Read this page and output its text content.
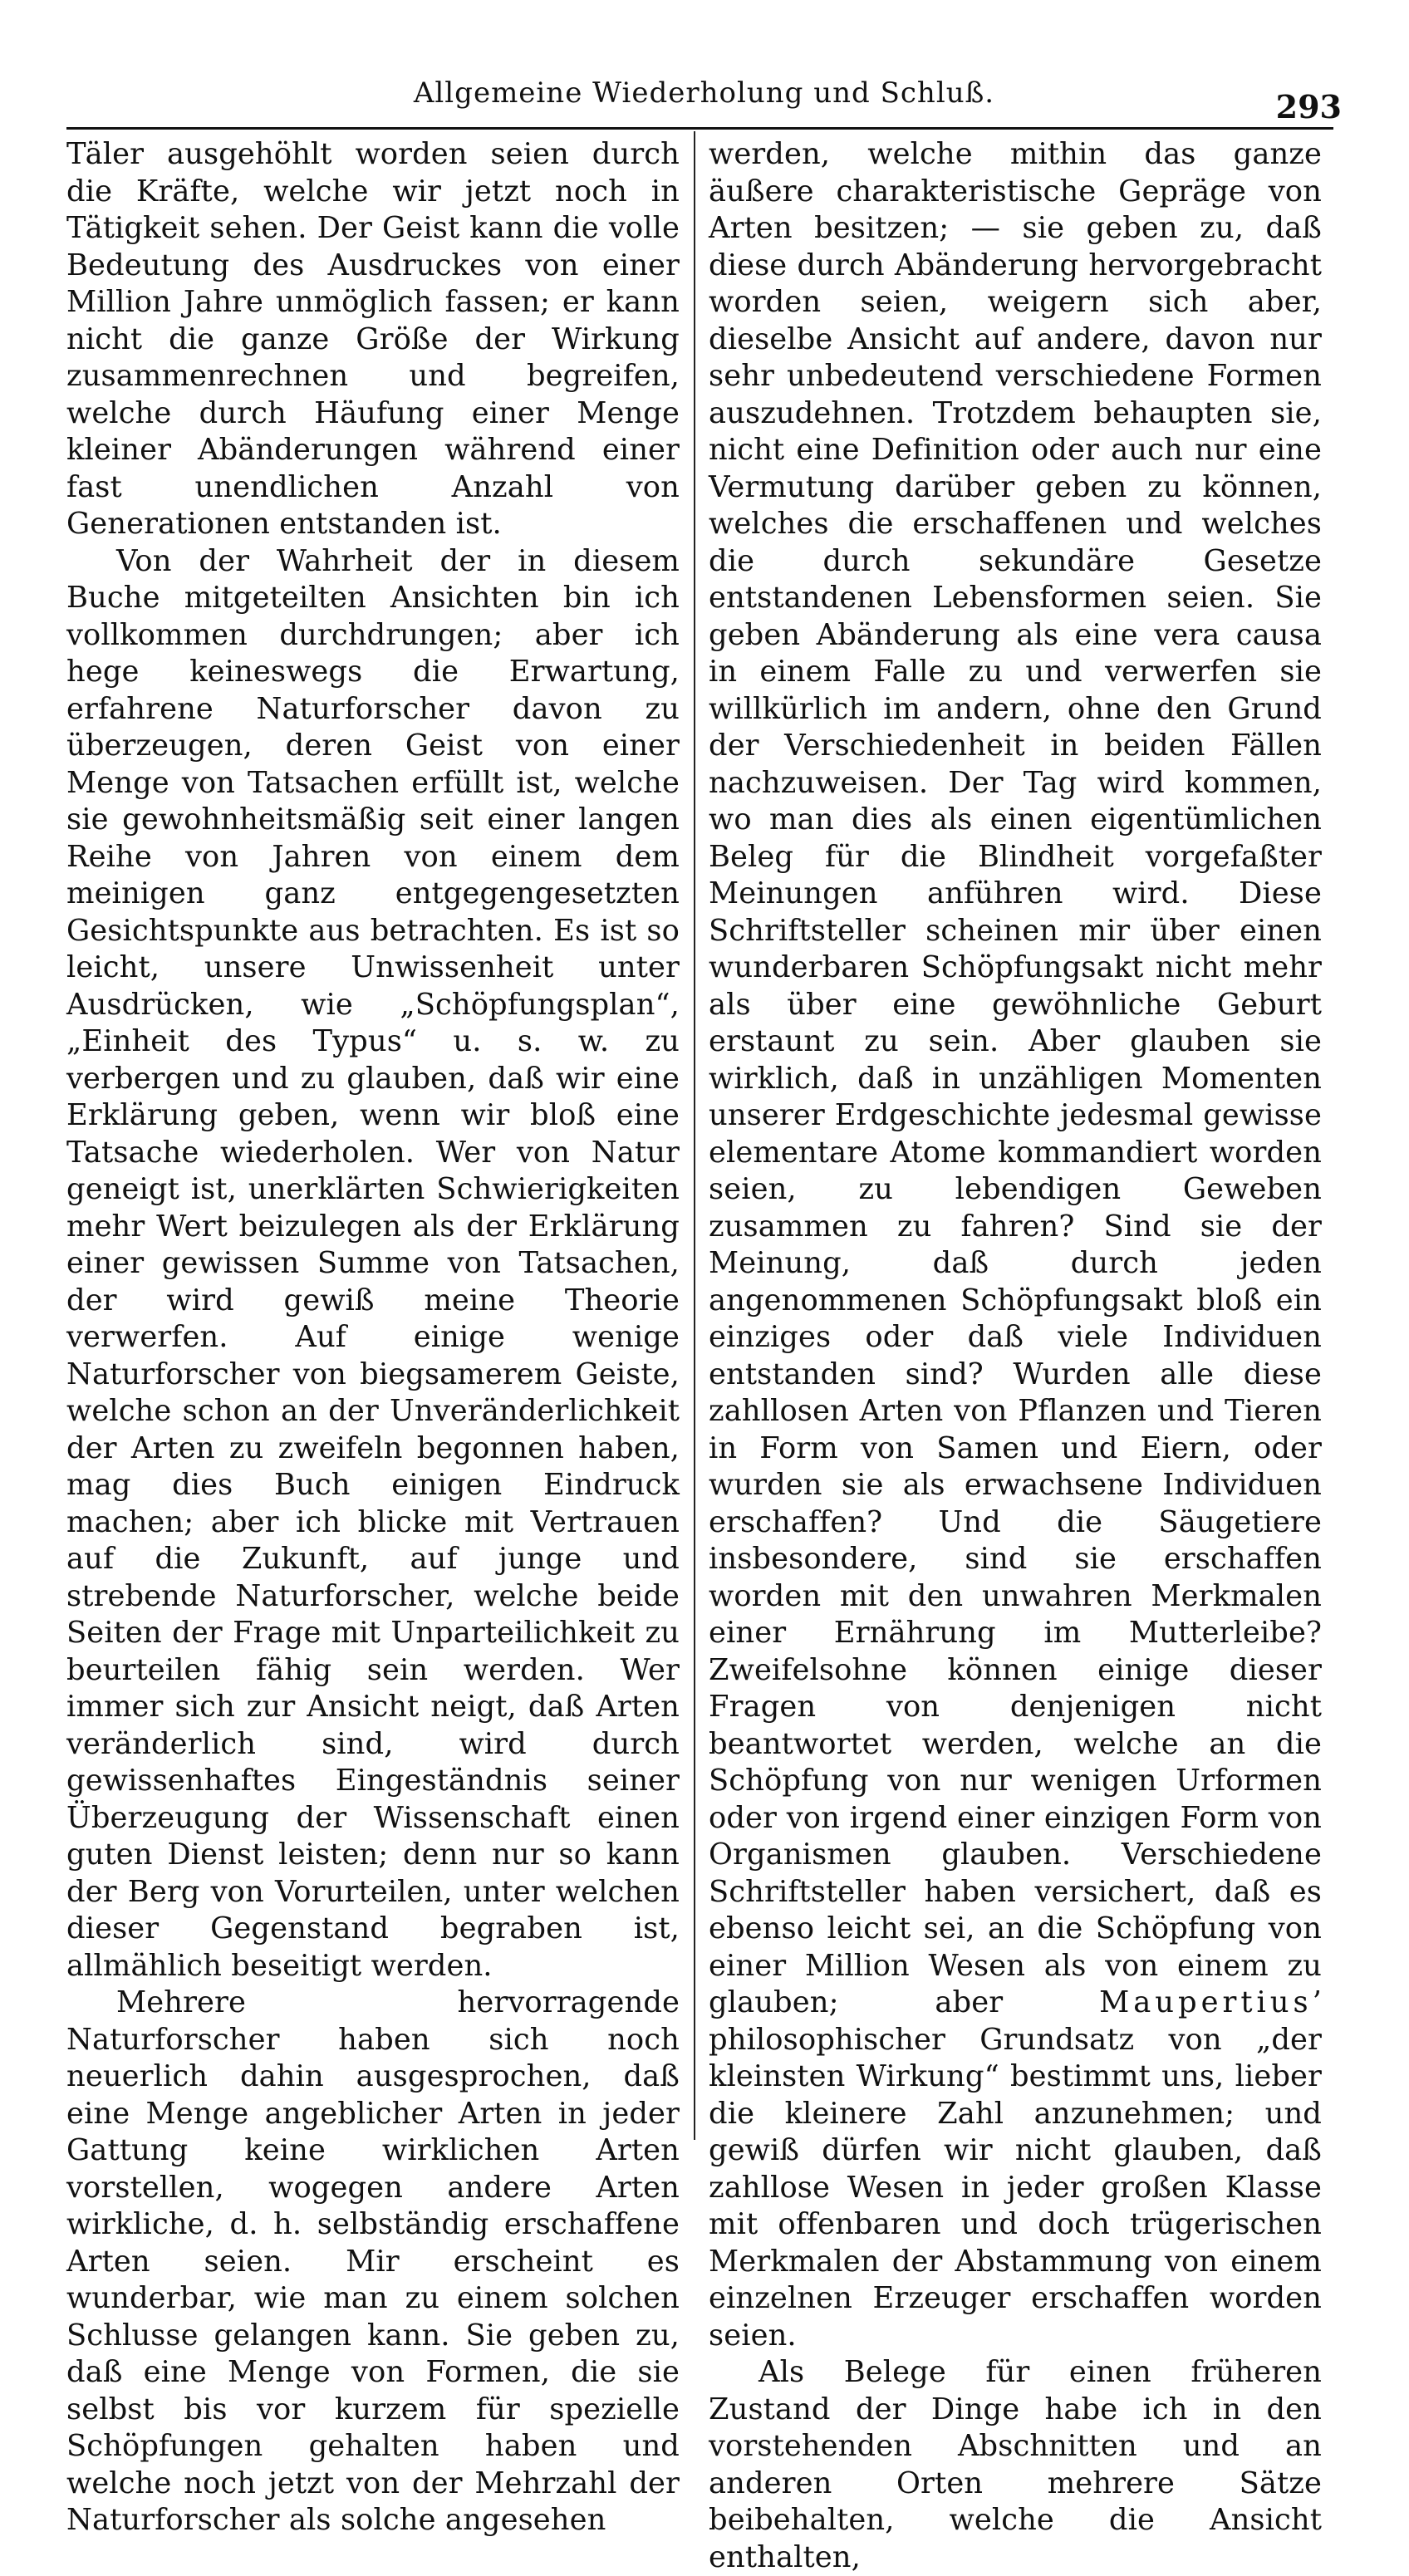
Allgemeine Wiederholung und Schluß.	293

Täler ausgehöhlt worden seien durch die Kräfte, welche wir jetzt noch in Tätigkeit sehen. Der Geist kann die volle Bedeutung des Ausdruckes von einer Million Jahre unmöglich fassen; er kann nicht die ganze Größe der Wirkung zusammenrechnen und begreifen, welche durch Häufung einer Menge kleiner Abänderungen während einer fast unendlichen Anzahl von Generationen entstanden ist.

Von der Wahrheit der in diesem Buche mitgeteilten Ansichten bin ich vollkommen durchdrungen; aber ich hege keineswegs die Erwartung, erfahrene Naturforscher davon zu überzeugen, deren Geist von einer Menge von Tatsachen erfüllt ist, welche sie gewohnheitsmäßig seit einer langen Reihe von Jahren von einem dem meinigen ganz entgegengesetzten Gesichtspunkte aus betrachten. Es ist so leicht, unsere Unwissenheit unter Ausdrücken, wie „Schöpfungsplan“, „Einheit des Typus“ u. s. w. zu verbergen und zu glauben, daß wir eine Erklärung geben, wenn wir bloß eine Tatsache wiederholen. Wer von Natur geneigt ist, unerklärten Schwierigkeiten mehr Wert beizulegen als der Erklärung einer gewissen Summe von Tatsachen, der wird gewiß meine Theorie verwerfen. Auf einige wenige Naturforscher von biegsamerem Geiste, welche schon an der Unveränderlichkeit der Arten zu zweifeln begonnen haben, mag dies Buch einigen Eindruck machen; aber ich blicke mit Vertrauen auf die Zukunft, auf junge und strebende Naturforscher, welche beide Seiten der Frage mit Unparteilichkeit zu beurteilen fähig sein werden. Wer immer sich zur Ansicht neigt, daß Arten veränderlich sind, wird durch gewissenhaftes Eingeständnis seiner Überzeugung der Wissenschaft einen guten Dienst leisten; denn nur so kann der Berg von Vorurteilen, unter welchen dieser Gegenstand begraben ist, allmählich beseitigt werden.

Mehrere hervorragende Naturforscher haben sich noch neuerlich dahin ausgesprochen, daß eine Menge angeblicher Arten in jeder Gattung keine wirklichen Arten vorstellen, wogegen andere Arten wirkliche, d. h. selbständig erschaffene Arten seien. Mir erscheint es wunderbar, wie man zu einem solchen Schlusse gelangen kann. Sie geben zu, daß eine Menge von Formen, die sie selbst bis vor kurzem für spezielle Schöpfungen gehalten haben und welche noch jetzt von der Mehrzahl der Naturforscher als solche angesehen

werden, welche mithin das ganze äußere charakteristische Gepräge von Arten besitzen; — sie geben zu, daß diese durch Abänderung hervorgebracht worden seien, weigern sich aber, dieselbe Ansicht auf andere, davon nur sehr unbedeutend verschiedene Formen auszudehnen. Trotzdem behaupten sie, nicht eine Definition oder auch nur eine Vermutung darüber geben zu können, welches die erschaffenen und welches die durch sekundäre Gesetze entstandenen Lebensformen seien. Sie geben Abänderung als eine vera causa in einem Falle zu und verwerfen sie willkürlich im andern, ohne den Grund der Verschiedenheit in beiden Fällen nachzuweisen. Der Tag wird kommen, wo man dies als einen eigentümlichen Beleg für die Blindheit vorgefaßter Meinungen anführen wird. Diese Schriftsteller scheinen mir über einen wunderbaren Schöpfungsakt nicht mehr als über eine gewöhnliche Geburt erstaunt zu sein. Aber glauben sie wirklich, daß in unzähligen Momenten unserer Erdgeschichte jedesmal gewisse elementare Atome kommandiert worden seien, zu lebendigen Geweben zusammen zu fahren? Sind sie der Meinung, daß durch jeden angenommenen Schöpfungsakt bloß ein einziges oder daß viele Individuen entstanden sind? Wurden alle diese zahllosen Arten von Pflanzen und Tieren in Form von Samen und Eiern, oder wurden sie als erwachsene Individuen erschaffen? Und die Säugetiere insbesondere, sind sie erschaffen worden mit den unwahren Merkmalen einer Ernährung im Mutterleibe? Zweifelsohne können einige dieser Fragen von denjenigen nicht beantwortet werden, welche an die Schöpfung von nur wenigen Urformen oder von irgend einer einzigen Form von Organismen glauben. Verschiedene Schriftsteller haben versichert, daß es ebenso leicht sei, an die Schöpfung von einer Million Wesen als von einem zu glauben; aber	Maupertius’ philosophischer Grundsatz von „der kleinsten Wirkung“ bestimmt uns, lieber die kleinere Zahl anzunehmen; und gewiß dürfen wir nicht glauben, daß zahllose Wesen in jeder großen Klasse mit offenbaren und doch trügerischen Merkmalen der Abstammung von einem einzelnen Erzeuger erschaffen worden seien.

Als Belege für einen früheren Zustand der Dinge habe ich in den vorstehenden Abschnitten und an anderen Orten mehrere Sätze beibehalten, welche die Ansicht enthalten,
